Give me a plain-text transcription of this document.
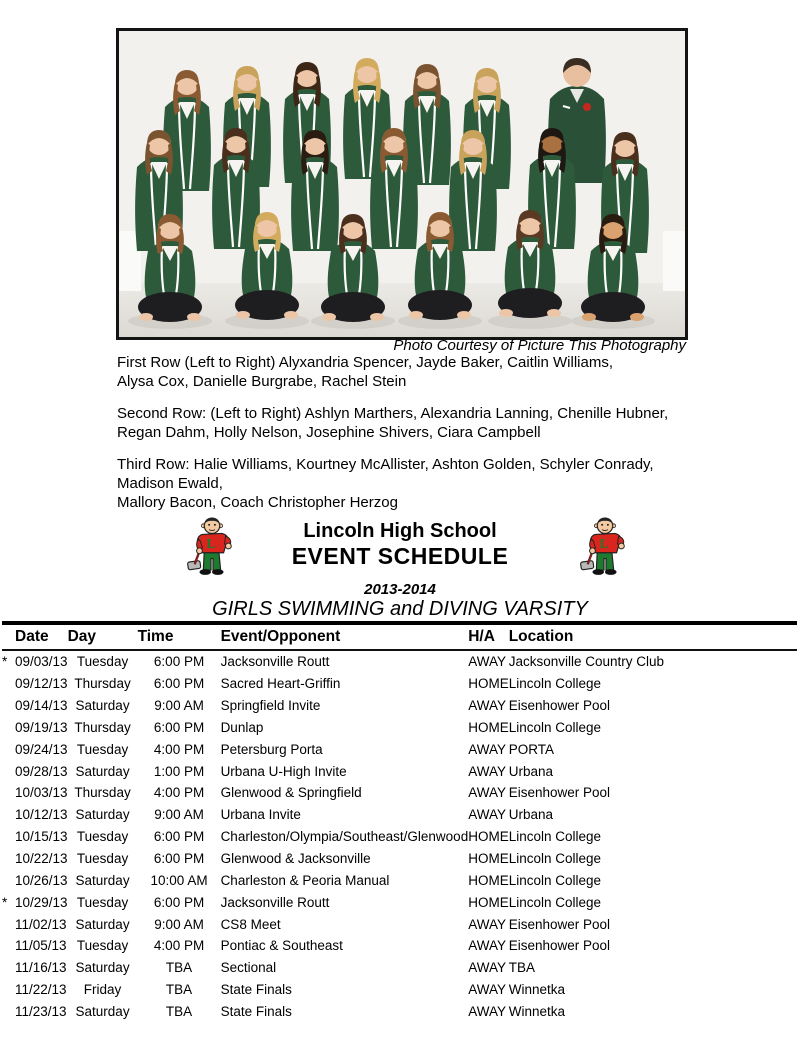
Photo Courtesy of Picture This Photography

First Row (Left to Right) Alyxandria Spencer, Jayde Baker, Caitlin Williams,
Alysa Cox, Danielle Burgrabe, Rachel Stein

Second Row: (Left to Right) Ashlyn Marthers, Alexandria Lanning, Chenille Hubner,
Regan Dahm, Holly Nelson, Josephine Shivers, Ciara Campbell

Third Row: Halie Williams, Kourtney McAllister, Ashton Golden, Schyler Conrady,
Madison Ewald,
Mallory Bacon, Coach Christopher Herzog

L	L
Lincoln High School
EVENT SCHEDULE
2013-2014
GIRLS SWIMMING and DIVING VARSITY
	Date	Day	Time	Event/Opponent	H/A	Location
*	09/03/13	Tuesday	6:00 PM	Jacksonville Routt	AWAY	Jacksonville Country Club
	09/12/13	Thursday	6:00 PM	Sacred Heart-Griffin	HOME	Lincoln College
	09/14/13	Saturday	9:00 AM	Springfield Invite	AWAY	Eisenhower Pool
	09/19/13	Thursday	6:00 PM	Dunlap	HOME	Lincoln College
	09/24/13	Tuesday	4:00 PM	Petersburg Porta	AWAY	PORTA
	09/28/13	Saturday	1:00 PM	Urbana U-High Invite	AWAY	Urbana
	10/03/13	Thursday	4:00 PM	Glenwood & Springfield	AWAY	Eisenhower Pool
	10/12/13	Saturday	9:00 AM	Urbana Invite	AWAY	Urbana
	10/15/13	Tuesday	6:00 PM	Charleston/Olympia/Southeast/Glenwood	HOME	Lincoln College
	10/22/13	Tuesday	6:00 PM	Glenwood & Jacksonville	HOME	Lincoln College
	10/26/13	Saturday	10:00 AM	Charleston & Peoria Manual	HOME	Lincoln College
*	10/29/13	Tuesday	6:00 PM	Jacksonville Routt	HOME	Lincoln College
	11/02/13	Saturday	9:00 AM	CS8 Meet	AWAY	Eisenhower Pool
	11/05/13	Tuesday	4:00 PM	Pontiac & Southeast	AWAY	Eisenhower Pool
	11/16/13	Saturday	TBA	Sectional	AWAY	TBA
	11/22/13	Friday	TBA	State Finals	AWAY	Winnetka
	11/23/13	Saturday	TBA	State Finals	AWAY	Winnetka
